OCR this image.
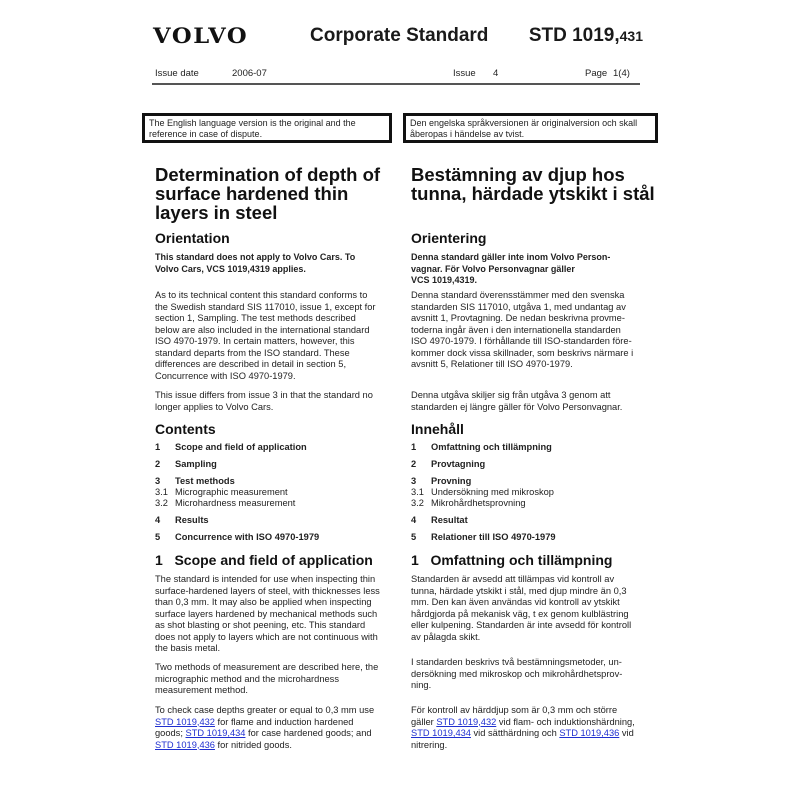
VOLVO	Corporate Standard STD 1019,431
Issue date	2006-07	Issue 4	Page 1(4)
The English language version is the original and the reference in case of dispute.
Den engelska språkversionen är originalversion och skall åberopas i händelse av tvist.
Determination of depth of
surface hardened thin
layers in steel
Orientation
This standard does not apply to Volvo Cars. To
Volvo Cars, VCS 1019,4319 applies.
As to its technical content this standard conforms to
the Swedish standard SIS 117010, issue 1, except for
section 1, Sampling. The test methods described
below are also included in the international standard
ISO 4970-1979. In certain matters, however, this
standard departs from the ISO standard. These
differences are described in detail in section 5,
Concurrence with ISO 4970-1979.
This issue differs from issue 3 in that the standard no
longer applies to Volvo Cars.
Contents
1	Scope and field of application
2	Sampling
3	Test methods
3.1 Micrographic measurement
3.2 Microhardness measurement
4	Results
5	Concurrence with ISO 4970-1979
1   Scope and field of application
The standard is intended for use when inspecting thin
surface-hardened layers of steel, with thicknesses less
than 0,3 mm. It may also be applied when inspecting
surface layers hardened by mechanical methods such
as shot blasting or shot peening, etc. This standard
does not apply to layers which are not continuous with
the basis metal.
Two methods of measurement are described here, the
micrographic method and the microhardness
measurement method.
To check case depths greater or equal to 0,3 mm use
STD 1019,432 for flame and induction hardened
goods; STD 1019,434 for case hardened goods; and
STD 1019,436 for nitrided goods.
Bestämning av djup hos
tunna, härdade ytskikt i stål
Orientering
Denna standard gäller inte inom Volvo Person-
vagnar. För Volvo Personvagnar gäller
VCS 1019,4319.
Denna standard överensstämmer med den svenska
standarden SIS 117010, utgåva 1, med undantag av
avsnitt 1, Provtagning. De nedan beskrivna provme-
toderna ingår även i den internationella standarden
ISO 4970-1979. I förhållande till ISO-standarden före-
kommer dock vissa skillnader, som beskrivs närmare i
avsnitt 5, Relationer till ISO 4970-1979.
Denna utgåva skiljer sig från utgåva 3 genom att
standarden ej längre gäller för Volvo Personvagnar.
Innehåll
1	Omfattning och tillämpning
2	Provtagning
3	Provning
3.1 Undersökning med mikroskop
3.2 Mikrohårdhetsprovning
4	Resultat
5	Relationer till ISO 4970-1979
1   Omfattning och tillämpning
Standarden är avsedd att tillämpas vid kontroll av
tunna, härdade ytskikt i stål, med djup mindre än 0,3
mm. Den kan även användas vid kontroll av ytskikt
hårdgjorda på mekanisk väg, t ex genom kulblästring
eller kulpening. Standarden är inte avsedd för kontroll
av pålagda skikt.
I standarden beskrivs två bestämningsmetoder, un-
dersökning med mikroskop och mikrohårdhetsprov-
ning.
För kontroll av härddjup som är 0,3 mm och större
gäller STD 1019,432 vid flam- och induktionshärdning,
STD 1019,434 vid sätthärdning och STD 1019,436 vid
nitrering.
